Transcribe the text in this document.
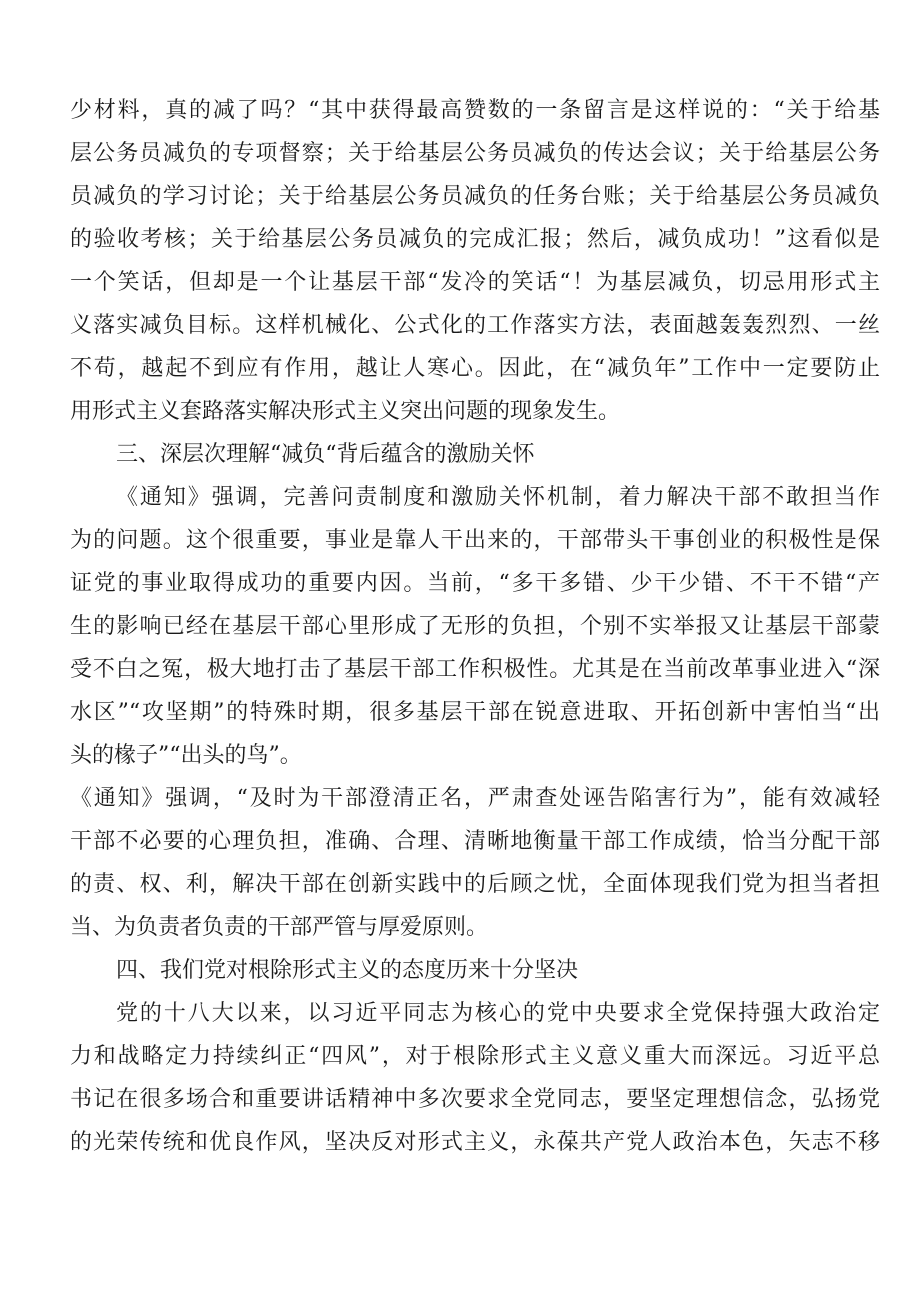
少材料，真的减了吗？“其中获得最高赞数的一条留言是这样说的：“关于给基
层公务员减负的专项督察；关于给基层公务员减负的传达会议；关于给基层公务
员减负的学习讨论；关于给基层公务员减负的任务台账；关于给基层公务员减负
的验收考核；关于给基层公务员减负的完成汇报；然后，减负成功！”这看似是
一个笑话，但却是一个让基层干部“发冷的笑话“！为基层减负，切忌用形式主
义落实减负目标。这样机械化、公式化的工作落实方法，表面越轰轰烈烈、一丝
不苟，越起不到应有作用，越让人寒心。因此，在“减负年”工作中一定要防止
用形式主义套路落实解决形式主义突出问题的现象发生。
三、深层次理解“减负“背后蕴含的激励关怀
《通知》强调，完善问责制度和激励关怀机制，着力解决干部不敢担当作
为的问题。这个很重要，事业是靠人干出来的，干部带头干事创业的积极性是保
证党的事业取得成功的重要内因。当前，“多干多错、少干少错、不干不错“产
生的影响已经在基层干部心里形成了无形的负担，个别不实举报又让基层干部蒙
受不白之冤，极大地打击了基层干部工作积极性。尤其是在当前改革事业进入“深
水区”“攻坚期”的特殊时期，很多基层干部在锐意进取、开拓创新中害怕当“出
头的椽子”“出头的鸟”。
《通知》强调，“及时为干部澄清正名，严肃查处诬告陷害行为”，能有效减轻
干部不必要的心理负担，准确、合理、清晰地衡量干部工作成绩，恰当分配干部
的责、权、利，解决干部在创新实践中的后顾之忧，全面体现我们党为担当者担
当、为负责者负责的干部严管与厚爱原则。
四、我们党对根除形式主义的态度历来十分坚决
党的十八大以来，以习近平同志为核心的党中央要求全党保持强大政治定
力和战略定力持续纠正“四风”，对于根除形式主义意义重大而深远。习近平总
书记在很多场合和重要讲话精神中多次要求全党同志，要坚定理想信念，弘扬党
的光荣传统和优良作风，坚决反对形式主义，永葆共产党人政治本色，矢志不移
